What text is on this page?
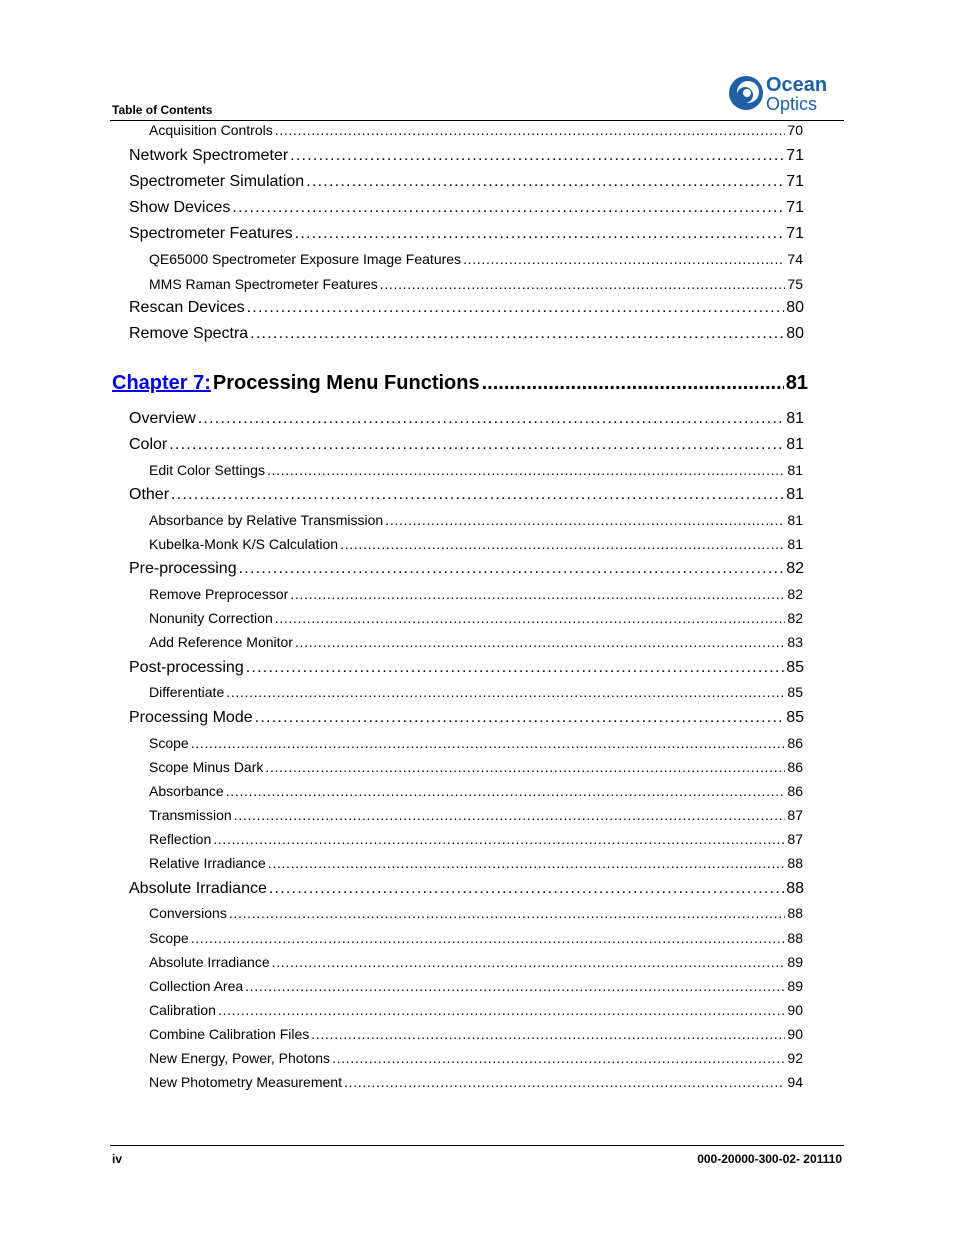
Table of Contents
Ocean
Optics
Acquisition Controls . . .	70
Network Spectrometer . . .	71
Spectrometer Simulation . . .	71
Show Devices . . .	71
Spectrometer Features . . .	71
QE65000 Spectrometer Exposure Image Features . . .	74
MMS Raman Spectrometer Features . . .	75
Rescan Devices . . .	80
Remove Spectra . . .	80
Chapter 7: Processing Menu Functions .....	81
Overview . . .	81
Color . . .	81
Edit Color Settings . . .	81
Other . . .	81
Absorbance by Relative Transmission . . .	81
Kubelka-Monk K/S Calculation . . .	81
Pre-processing . . .	82
Remove Preprocessor . . .	82
Nonunity Correction . . .	82
Add Reference Monitor . . .	83
Post-processing . . .	85
Differentiate . . .	85
Processing Mode . . .	85
Scope . . .	86
Scope Minus Dark . . .	86
Absorbance . . .	86
Transmission . . .	87
Reflection . . .	87
Relative Irradiance . . .	88
Absolute Irradiance . . .	88
Conversions . . .	88
Scope . . .	88
Absolute Irradiance . . .	89
Collection Area . . .	89
Calibration . . .	90
Combine Calibration Files . . .	90
New Energy, Power, Photons . . .	92
New Photometry Measurement . . .	94
iv	000-20000-300-02- 201110
